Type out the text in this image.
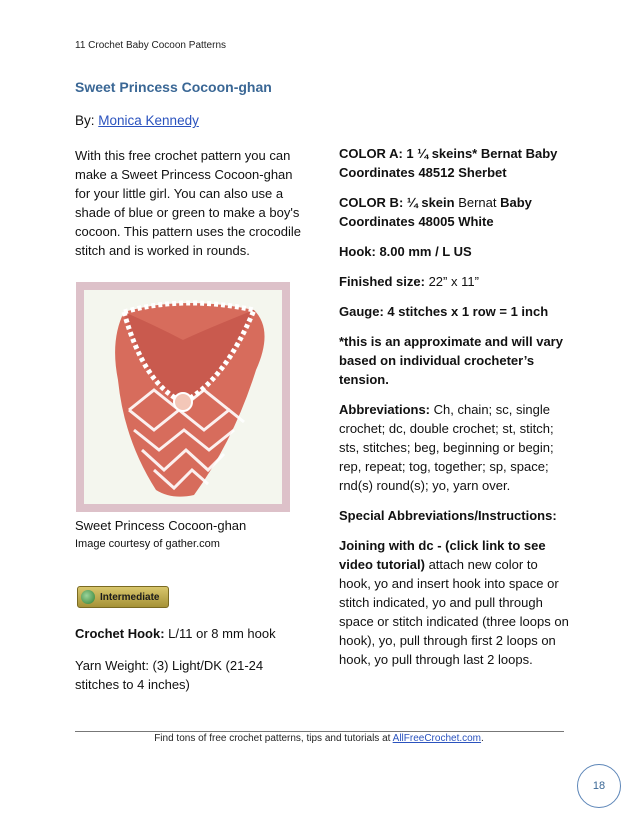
11 Crochet Baby Cocoon Patterns
Sweet Princess Cocoon-ghan
By: Monica Kennedy
With this free crochet pattern you can make a Sweet Princess Cocoon-ghan for your little girl. You can also use a shade of blue or green to make a boy's cocoon. This pattern uses the crocodile stitch and is worked in rounds.
Sweet Princess Cocoon-ghan
Image courtesy of gather.com
Intermediate
Crochet Hook: L/11 or 8 mm hook
Yarn Weight: (3) Light/DK (21-24 stitches to 4 inches)

COLOR A: 1 ¼ skeins* Bernat Baby Coordinates 48512 Sherbet

COLOR B: ¼ skein Bernat Baby Coordinates 48005 White

Hook: 8.00 mm / L US

Finished size: 22” x 11”

Gauge: 4 stitches x 1 row = 1 inch

*this is an approximate and will vary based on individual crocheter’s tension.

Abbreviations: Ch, chain; sc, single crochet; dc, double crochet; st, stitch; sts, stitches; beg, beginning or begin; rep, repeat; tog, together; sp, space; rnd(s) round(s); yo, yarn over.

Special Abbreviations/Instructions:

Joining with dc - (click link to see video tutorial) attach new color to hook, yo and insert hook into space or stitch indicated, yo and pull through space or stitch indicated (three loops on hook), yo, pull through first 2 loops on hook, yo pull through last 2 loops.

Find tons of free crochet patterns, tips and tutorials at AllFreeCrochet.com.
18
